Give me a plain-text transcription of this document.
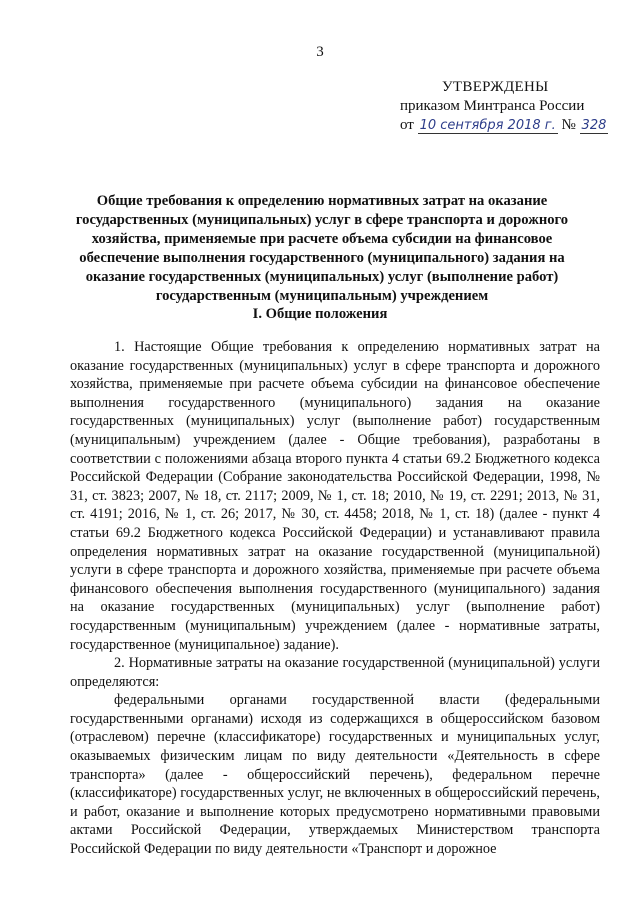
3
УТВЕРЖДЕНЫ
приказом Минтранса России
от 10 сентября 2018 г. № 328
Общие требования к определению нормативных затрат на оказание государственных (муниципальных) услуг в сфере транспорта и дорожного хозяйства, применяемые при расчете объема субсидии на финансовое обеспечение выполнения государственного (муниципального) задания на оказание государственных (муниципальных) услуг (выполнение работ) государственным (муниципальным) учреждением
I. Общие положения

1. Настоящие Общие требования к определению нормативных затрат на оказание государственных (муниципальных) услуг в сфере транспорта и дорожного хозяйства, применяемые при расчете объема субсидии на финансовое обеспечение выполнения государственного (муниципального) задания на оказание государственных (муниципальных) услуг (выполнение работ) государственным (муниципальным) учреждением (далее - Общие требования), разработаны в соответствии с положениями абзаца второго пункта 4 статьи 69.2 Бюджетного кодекса Российской Федерации (Собрание законодательства Российской Федерации, 1998, № 31, ст. 3823; 2007, № 18, ст. 2117; 2009, № 1, ст. 18; 2010, № 19, ст. 2291; 2013, № 31, ст. 4191; 2016, № 1, ст. 26; 2017, № 30, ст. 4458; 2018, № 1, ст. 18) (далее - пункт 4 статьи 69.2 Бюджетного кодекса Российской Федерации) и устанавливают правила определения нормативных затрат на оказание государственной (муниципальной) услуги в сфере транспорта и дорожного хозяйства, применяемые при расчете объема финансового обеспечения выполнения государственного (муниципального) задания на оказание государственных (муниципальных) услуг (выполнение работ) государственным (муниципальным) учреждением (далее - нормативные затраты, государственное (муниципальное) задание).

2. Нормативные затраты на оказание государственной (муниципальной) услуги определяются:

федеральными органами государственной власти (федеральными государственными органами) исходя из содержащихся в общероссийском базовом (отраслевом) перечне (классификаторе) государственных и муниципальных услуг, оказываемых физическим лицам по виду деятельности «Деятельность в сфере транспорта» (далее - общероссийский перечень), федеральном перечне (классификаторе) государственных услуг, не включенных в общероссийский перечень, и работ, оказание и выполнение которых предусмотрено нормативными правовыми актами Российской Федерации, утверждаемых Министерством транспорта Российской Федерации по виду деятельности «Транспорт и дорожное
